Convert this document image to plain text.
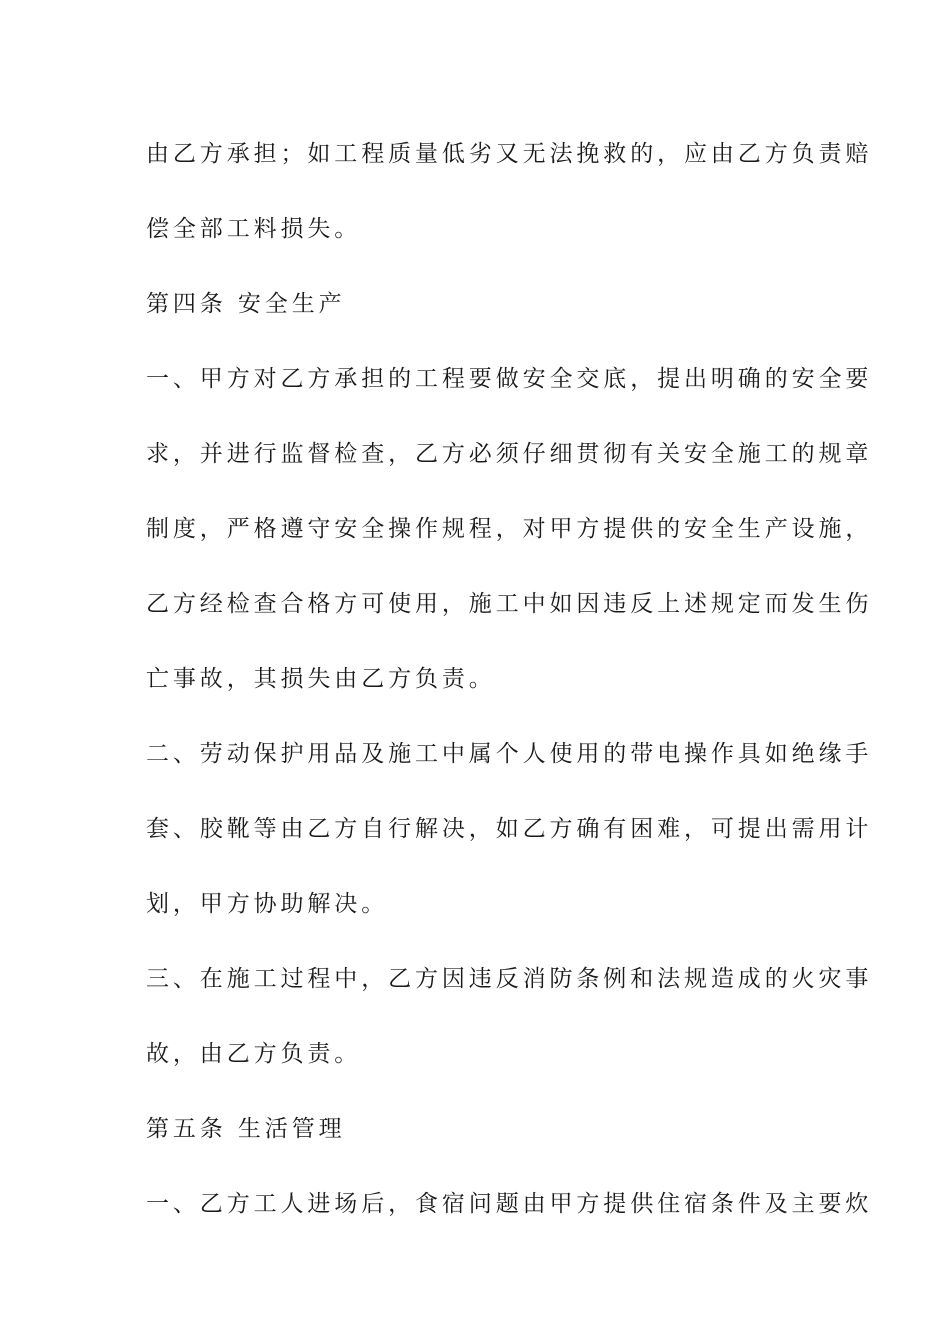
由乙方承担；如工程质量低劣又无法挽救的，应由乙方负责赔
偿全部工料损失。
第四条 安全生产
一、甲方对乙方承担的工程要做安全交底，提出明确的安全要
求，并进行监督检查，乙方必须仔细贯彻有关安全施工的规章
制度，严格遵守安全操作规程，对甲方提供的安全生产设施，
乙方经检查合格方可使用，施工中如因违反上述规定而发生伤
亡事故，其损失由乙方负责。
二、劳动保护用品及施工中属个人使用的带电操作具如绝缘手
套、胶靴等由乙方自行解决，如乙方确有困难，可提出需用计
划，甲方协助解决。
三、在施工过程中，乙方因违反消防条例和法规造成的火灾事
故，由乙方负责。
第五条 生活管理
一、乙方工人进场后，食宿问题由甲方提供住宿条件及主要炊
